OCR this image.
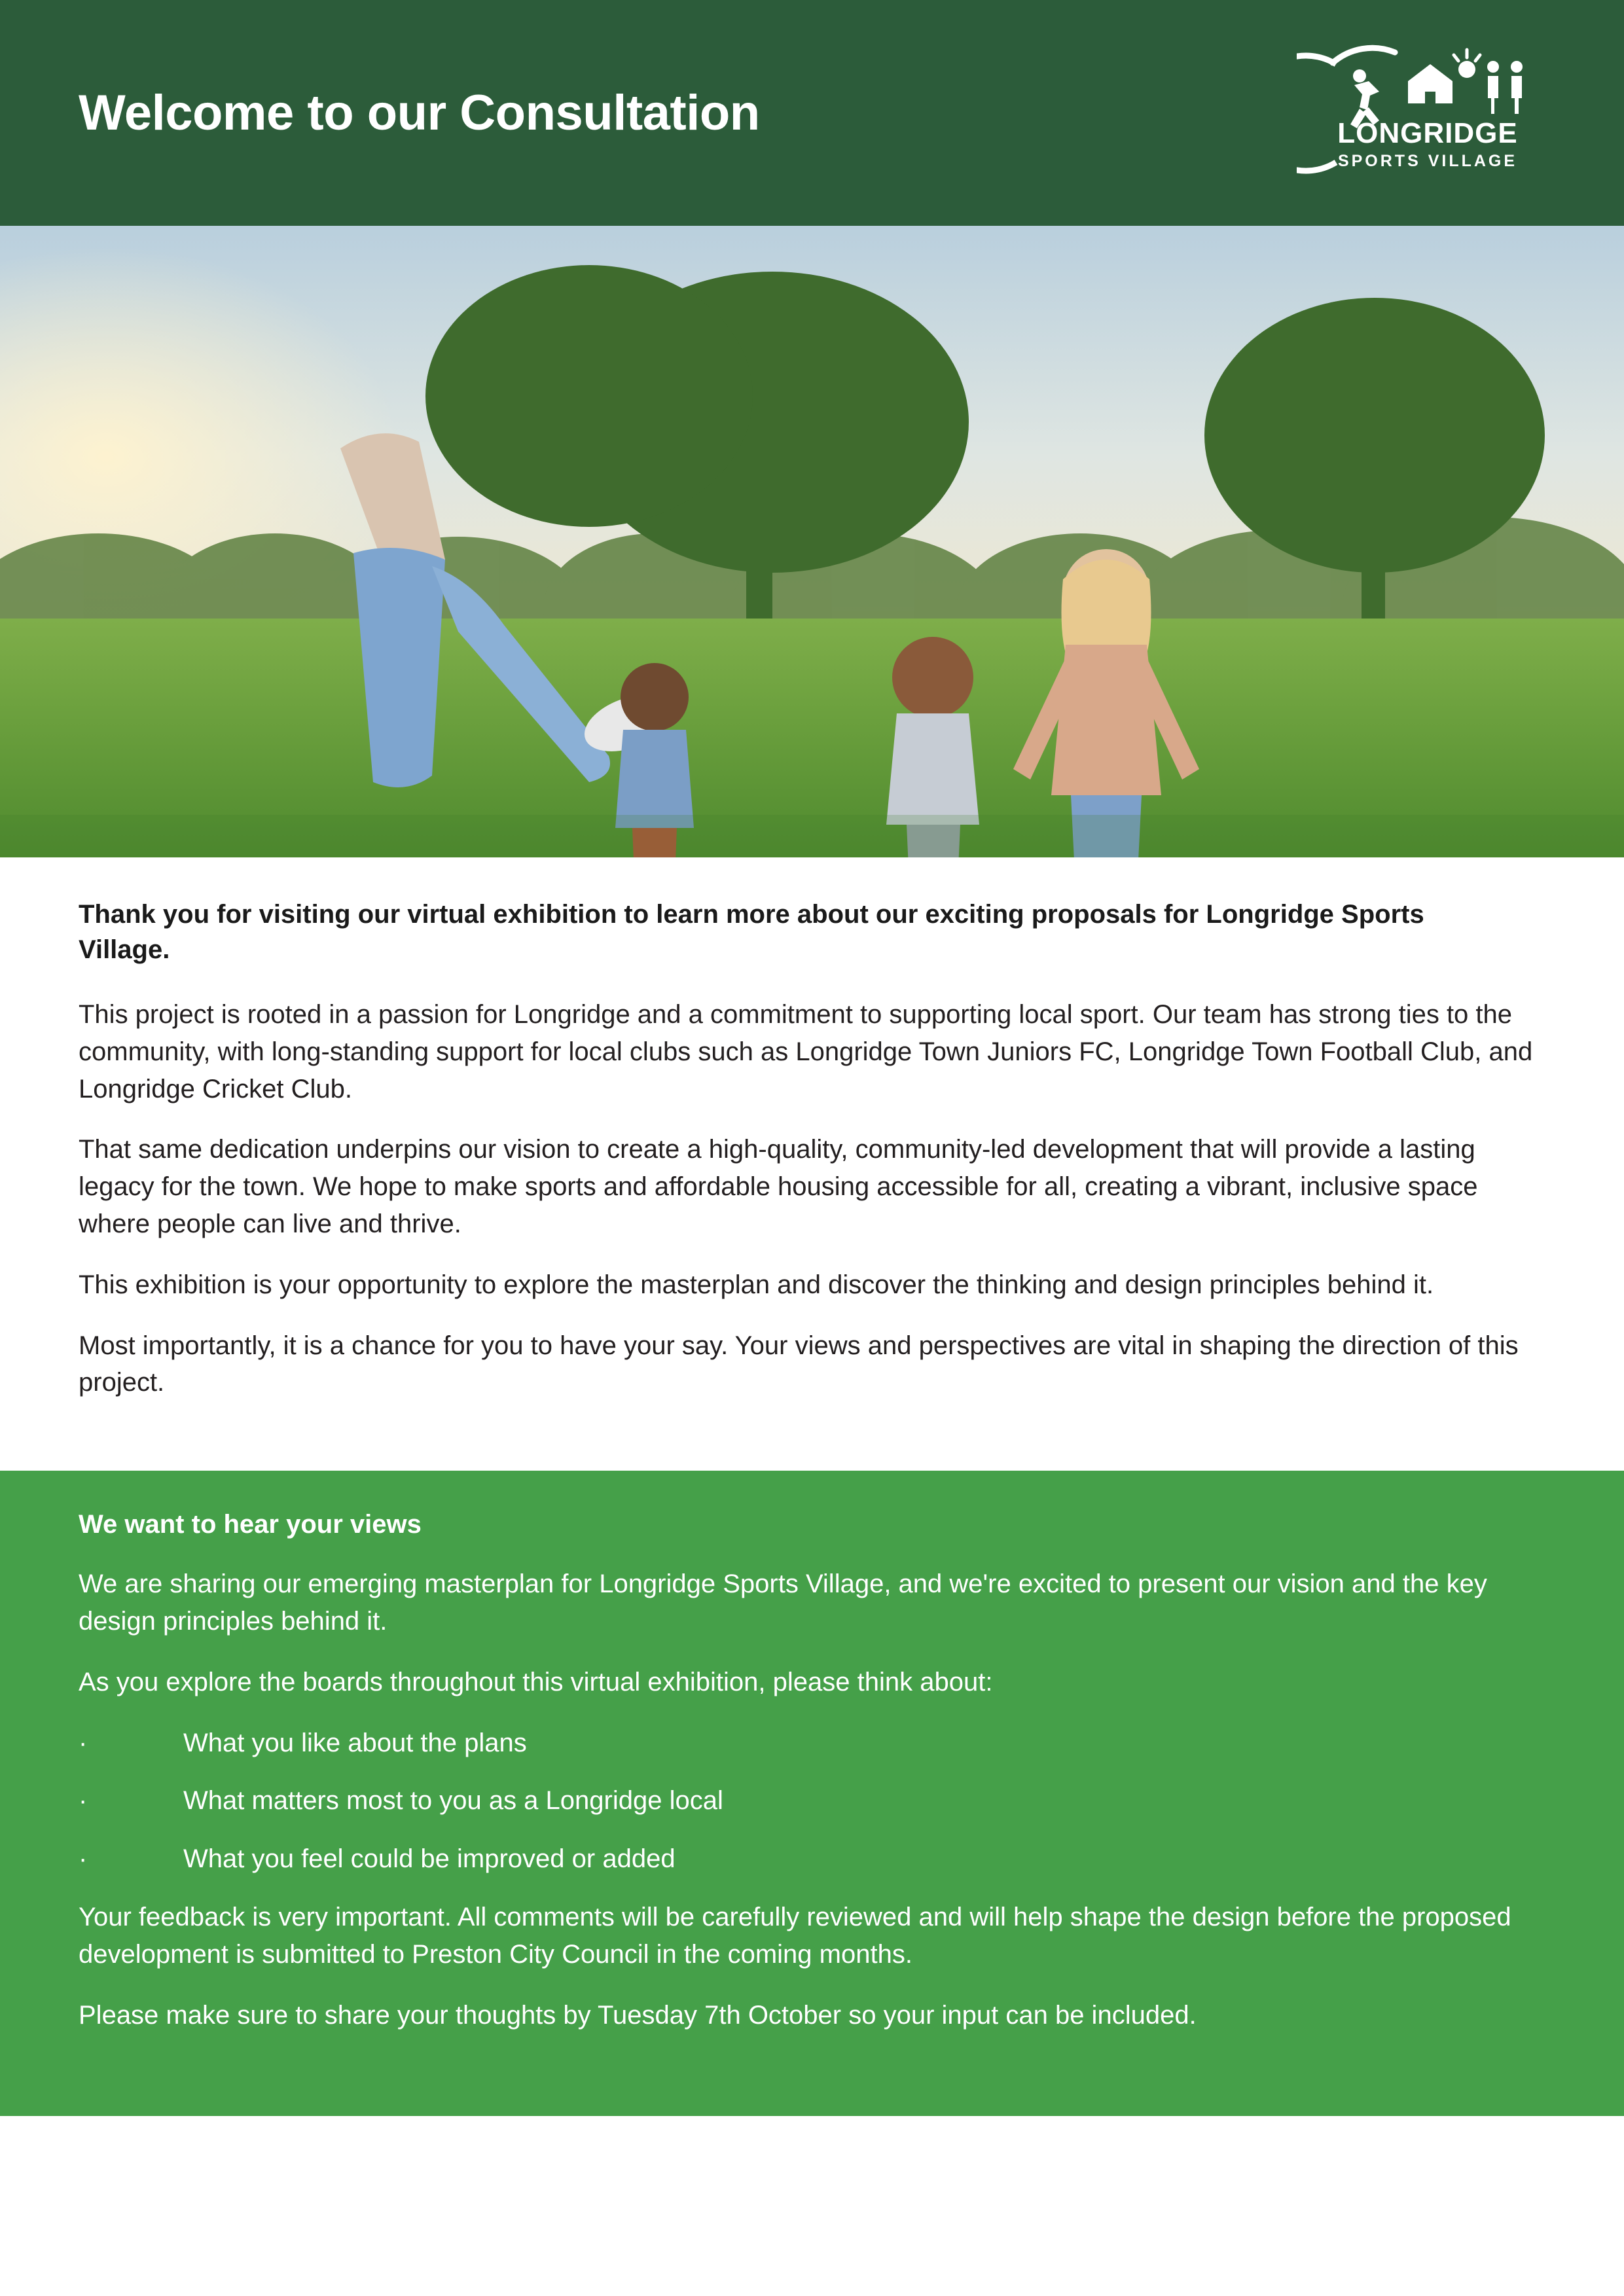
Welcome to our Consultation	LONGRIDGE
SPORTS VILLAGE
Thank you for visiting our virtual exhibition to learn more about our exciting proposals for Longridge Sports Village.

This project is rooted in a passion for Longridge and a commitment to supporting local sport. Our team has strong ties to the community, with long-standing support for local clubs such as Longridge Town Juniors FC, Longridge Town Football Club, and Longridge Cricket Club.

That same dedication underpins our vision to create a high-quality, community-led development that will provide a lasting legacy for the town. We hope to make sports and affordable housing accessible for all, creating a vibrant, inclusive space where people can live and thrive.

This exhibition is your opportunity to explore the masterplan and discover the thinking and design principles behind it.

Most importantly, it is a chance for you to have your say. Your views and perspectives are vital in shaping the direction of this project.

We want to hear your views

We are sharing our emerging masterplan for Longridge Sports Village, and we're excited to present our vision and the key design principles behind it.

As you explore the boards throughout this virtual exhibition, please think about:

·	What you like about the plans
·	What matters most to you as a Longridge local
·	What you feel could be improved or added

Your feedback is very important. All comments will be carefully reviewed and will help shape the design before the proposed development is submitted to Preston City Council in the coming months.

Please make sure to share your thoughts by Tuesday 7th October so your input can be included.
